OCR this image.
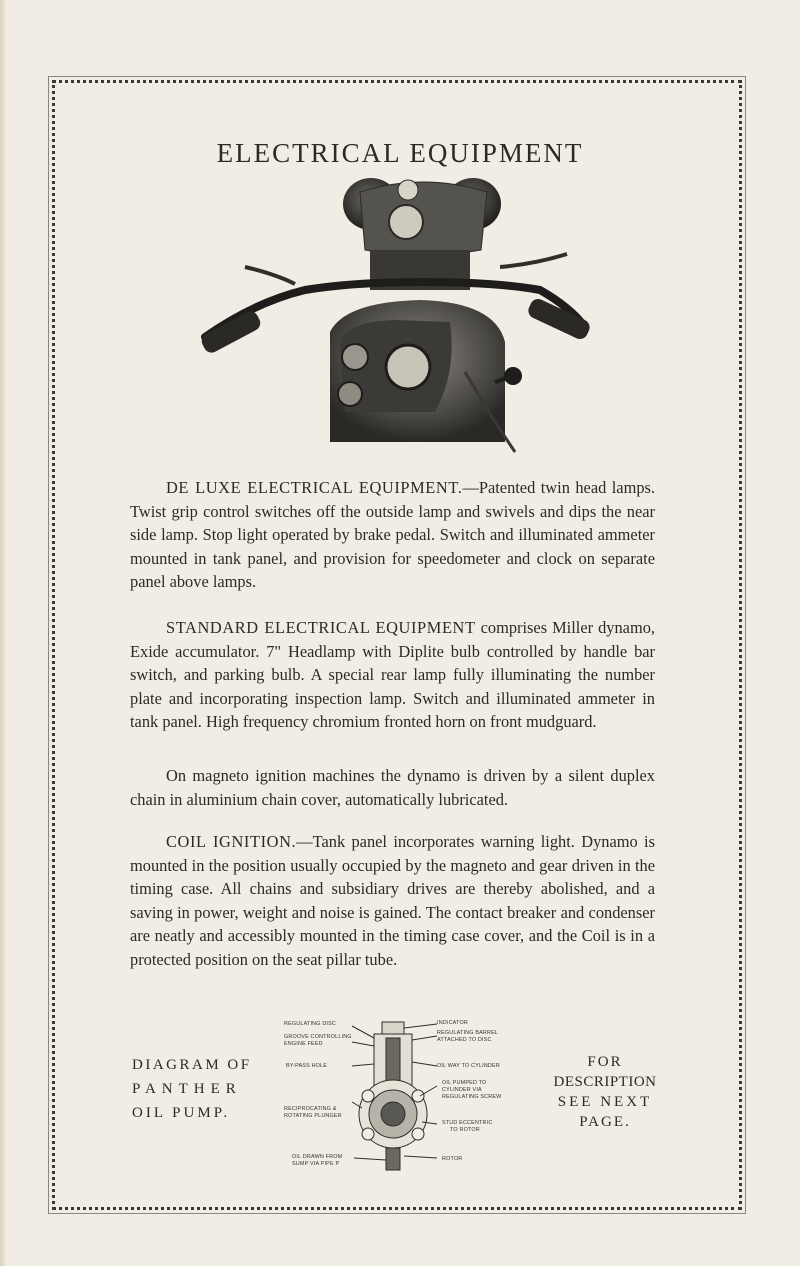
ELECTRICAL EQUIPMENT

DE LUXE ELECTRICAL EQUIPMENT.—Patented twin head lamps. Twist grip control switches off the outside lamp and swivels and dips the near side lamp. Stop light operated by brake pedal. Switch and illuminated ammeter mounted in tank panel, and provision for speedometer and clock on separate panel above lamps.

STANDARD ELECTRICAL EQUIPMENT comprises Miller dynamo, Exide accumulator. 7" Headlamp with Diplite bulb controlled by handle bar switch, and parking bulb. A special rear lamp fully illuminating the number plate and incorporating inspection lamp. Switch and illuminated ammeter in tank panel. High frequency chromium fronted horn on front mudguard.

On magneto ignition machines the dynamo is driven by a silent duplex chain in aluminium chain cover, automatically lubricated.

COIL IGNITION.—Tank panel incorporates warning light. Dynamo is mounted in the position usually occupied by the magneto and gear driven in the timing case. All chains and subsidiary drives are thereby abolished, and a saving in power, weight and noise is gained. The contact breaker and condenser are neatly and accessibly mounted in the timing case cover, and the Coil is in a protected position on the seat pillar tube.

DIAGRAM OF
PANTHER
OIL PUMP.
FOR
DESCRIPTION
SEE NEXT
PAGE.
REGULATING DISC
GROOVE CONTROLLING
ENGINE FEED
BY-PASS HOLE
RECIPROCATING &
ROTATING PLUNGER
OIL DRAWN FROM
SUMP VIA PIPE P
INDICATOR
REGULATING BARREL
ATTACHED TO DISC
OIL WAY TO CYLINDER
OIL PUMPED TO
CYLINDER VIA
REGULATING SCREW
STUD ECCENTRIC
TO ROTOR
ROTOR
